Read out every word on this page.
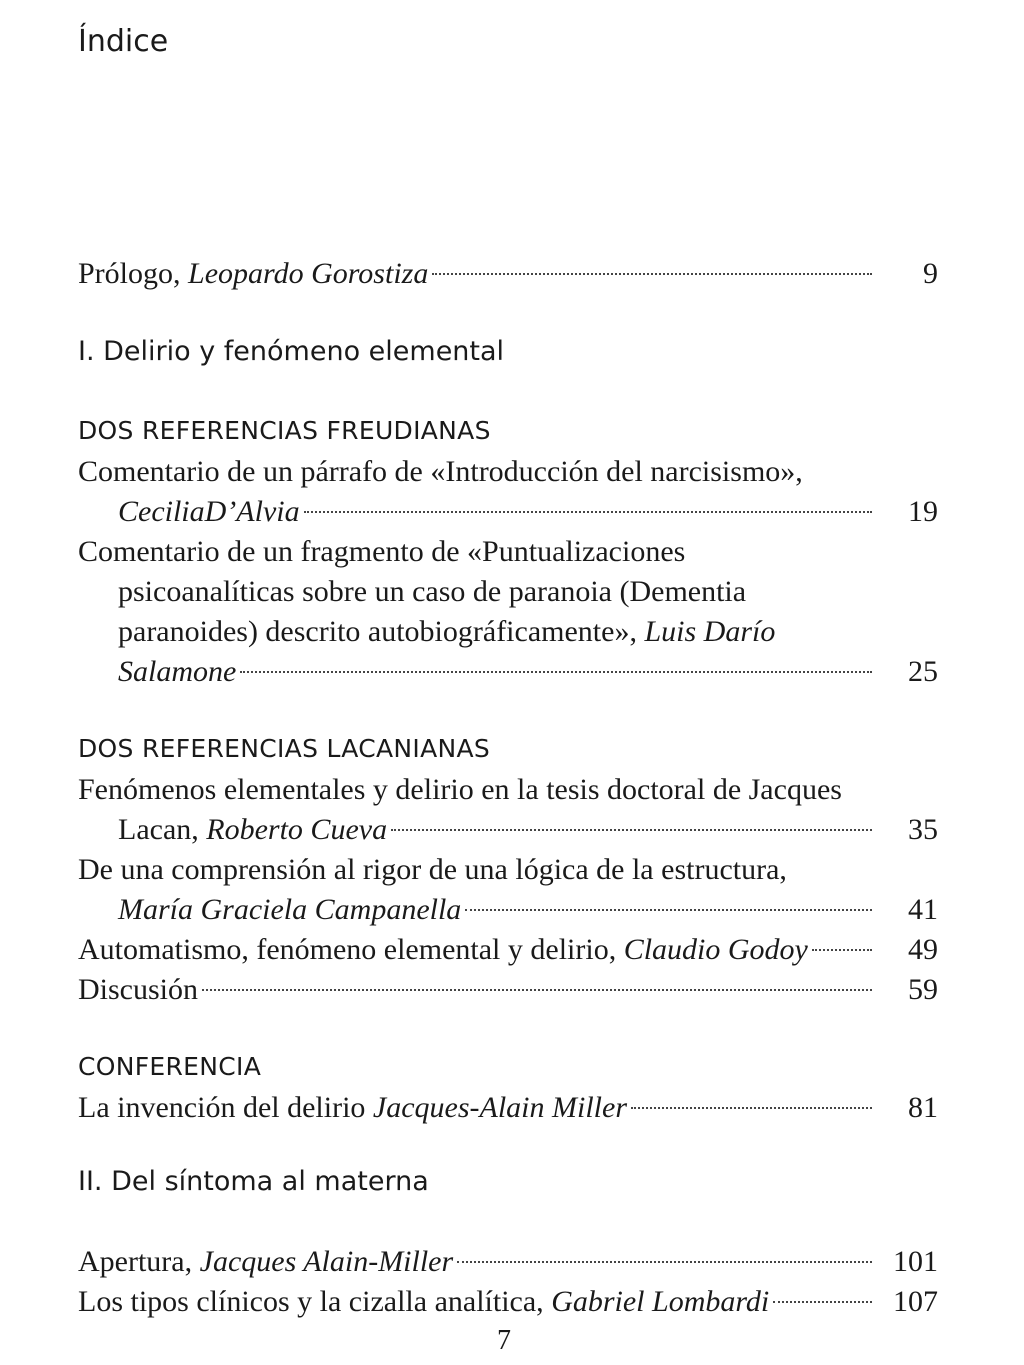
Índice
Prólogo, Leopardo Gorostiza	9
I. Delirio y fenómeno elemental
DOS REFERENCIAS FREUDIANAS
Comentario de un párrafo de «Introducción del narcisismo»,
CeciliaD’Alvia	19
Comentario de un fragmento de «Puntualizaciones
psicoanalíticas sobre un caso de paranoia (Dementia
paranoides) descrito autobiográficamente», Luis Darío
Salamone	25
DOS REFERENCIAS LACANIANAS
Fenómenos elementales y delirio en la tesis doctoral de Jacques
Lacan, Roberto Cueva	35
De una comprensión al rigor de una lógica de la estructura,
María Graciela Campanella	41
Automatismo, fenómeno elemental y delirio, Claudio Godoy	49
Discusión	59
CONFERENCIA
La invención del delirio Jacques-Alain Miller	81
II. Del síntoma al materna
Apertura, Jacques Alain-Miller	101
Los tipos clínicos y la cizalla analítica, Gabriel Lombardi	107
7
